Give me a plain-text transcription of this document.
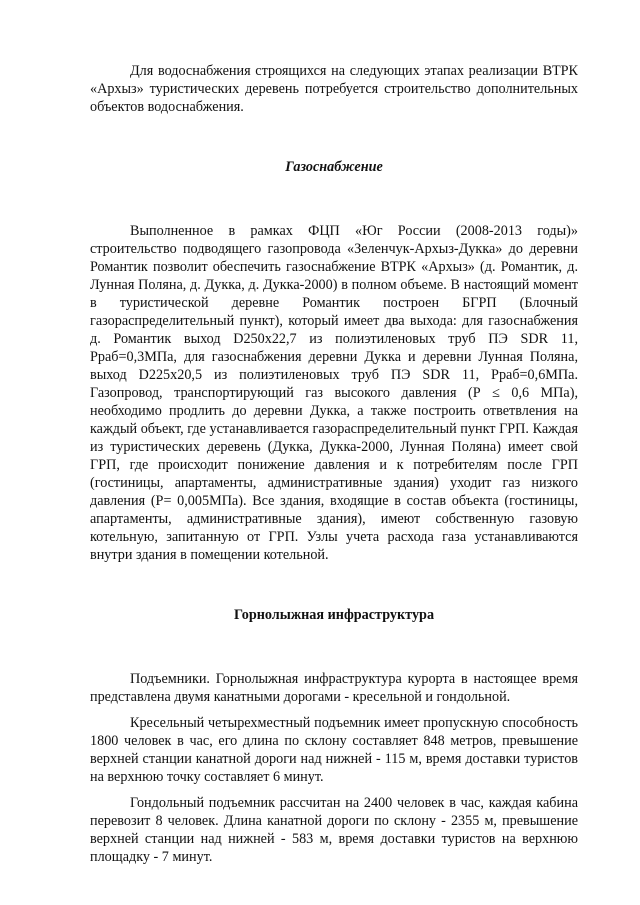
Для водоснабжения строящихся на следующих этапах реализации ВТРК «Архыз» туристических деревень потребуется строительство дополнительных объектов водоснабжения.

Газоснабжение

Выполненное в рамках ФЦП «Юг России (2008-2013 годы)» строительство подводящего газопровода «Зеленчук-Архыз-Дукка» до деревни Романтик позволит обеспечить газоснабжение ВТРК «Архыз» (д. Романтик, д. Лунная Поляна, д. Дукка, д. Дукка-2000) в полном объеме. В настоящий момент в туристической деревне Романтик построен БГРП (Блочный газораспределительный пункт), который имеет два выхода: для газоснабжения д. Романтик выход D250x22,7 из полиэтиленовых труб ПЭ SDR 11, Рраб=0,3МПа, для газоснабжения деревни Дукка и деревни Лунная Поляна, выход D225x20,5 из полиэтиленовых труб ПЭ SDR 11, Рраб=0,6МПа. Газопровод, транспортирующий газ высокого давления (Р ≤ 0,6 МПа), необходимо продлить до деревни Дукка, а также построить ответвления на каждый объект, где устанавливается газораспределительный пункт ГРП. Каждая из туристических деревень (Дукка, Дукка-2000, Лунная Поляна) имеет свой ГРП, где происходит понижение давления и к потребителям после ГРП (гостиницы, апартаменты, административные здания) уходит газ низкого давления (Р= 0,005МПа). Все здания, входящие в состав объекта (гостиницы, апартаменты, административные здания), имеют собственную газовую котельную, запитанную от ГРП. Узлы учета расхода газа устанавливаются внутри здания в помещении котельной.

Горнолыжная инфраструктура

Подъемники. Горнолыжная инфраструктура курорта в настоящее время представлена двумя канатными дорогами - кресельной и гондольной.

Кресельный четырехместный подъемник имеет пропускную способность 1800 человек в час, его длина по склону составляет 848 метров, превышение верхней станции канатной дороги над нижней - 115 м, время доставки туристов на верхнюю точку составляет 6 минут.

Гондольный подъемник рассчитан на 2400 человек в час, каждая кабина перевозит 8 человек. Длина канатной дороги по склону - 2355 м, превышение верхней станции над нижней - 583 м, время доставки туристов на верхнюю площадку - 7 минут.
